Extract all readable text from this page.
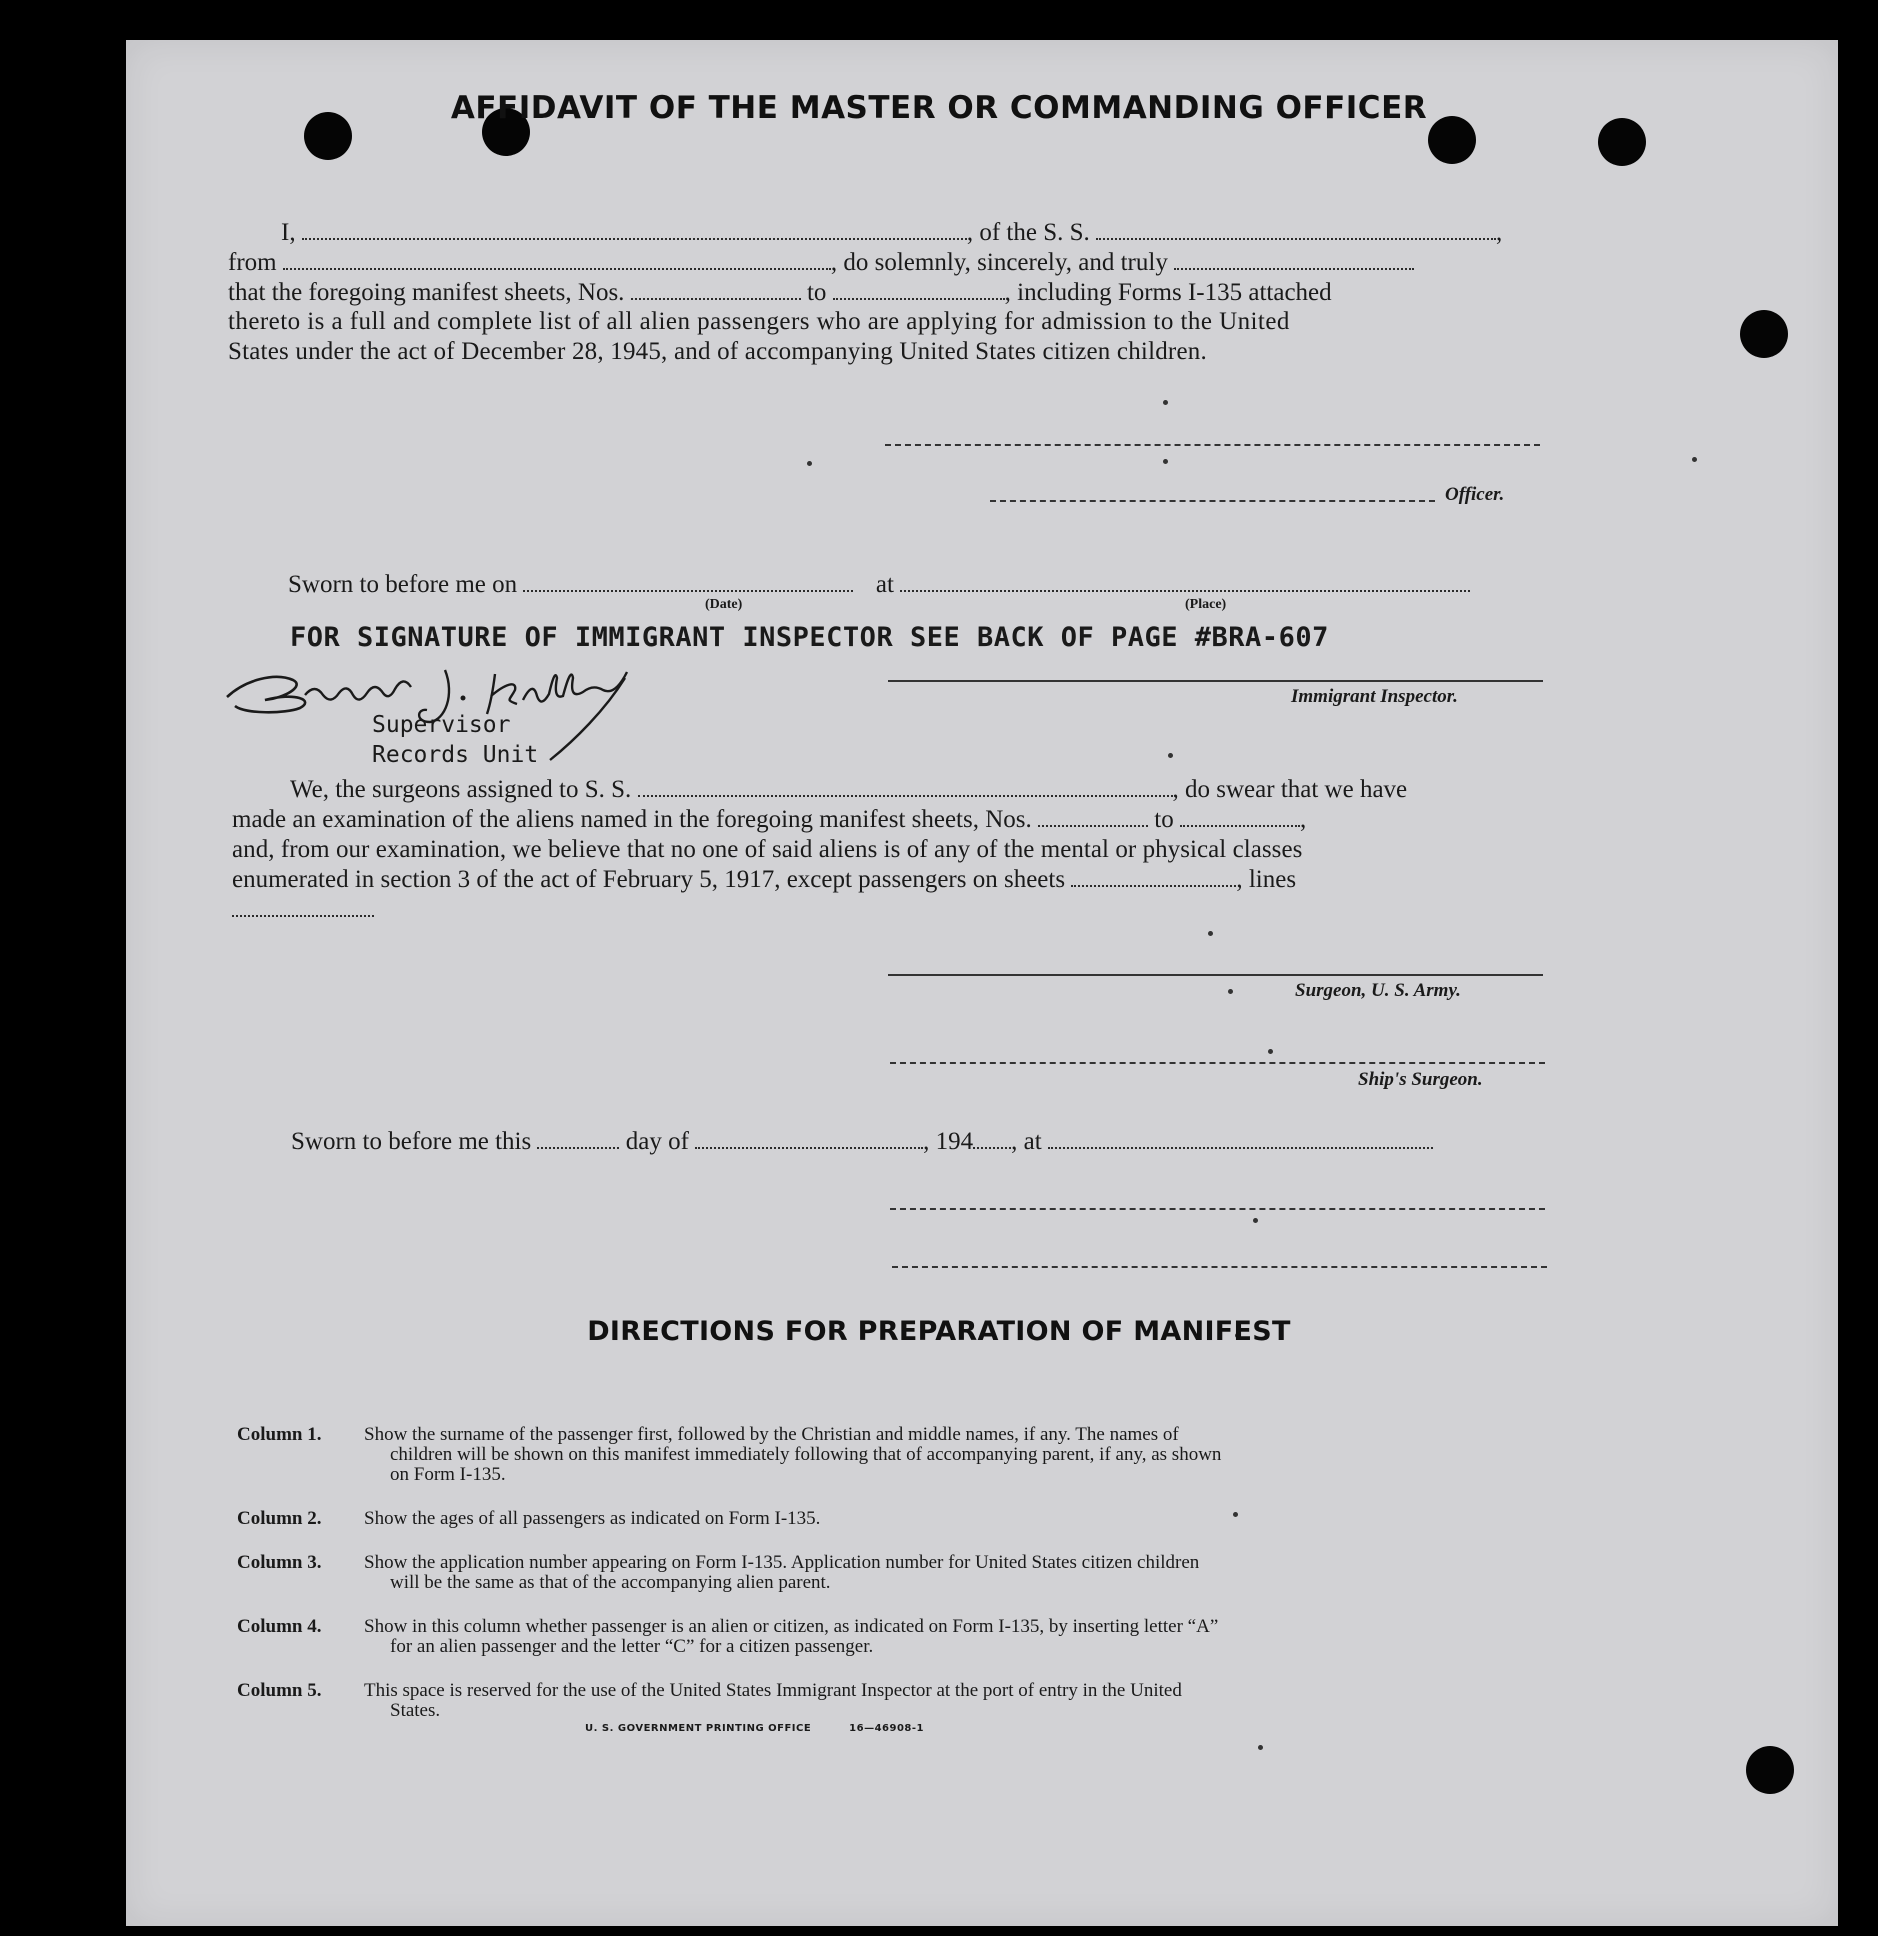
AFFIDAVIT OF THE MASTER OR COMMANDING OFFICER
I,	, of the S. S.	,
from	, do solemnly, sincerely, and truly
that the foregoing manifest sheets, Nos.	to	, including Forms I-135 attached
thereto is a full and complete list of all alien passengers who are applying for admission to the United
States under the act of December 28, 1945, and of accompanying United States citizen children.
Officer.
Sworn to before me on	at
(Date)	(Place)
FOR SIGNATURE OF IMMIGRANT INSPECTOR SEE BACK OF PAGE #BRA-607
Immigrant Inspector.
Supervisor
Records Unit
We, the surgeons assigned to S. S.	, do swear that we have
made an examination of the aliens named in the foregoing manifest sheets, Nos.	to	,
and, from our examination, we believe that no one of said aliens is of any of the mental or physical classes
enumerated in section 3 of the act of February 5, 1917, except passengers on sheets	, lines
Surgeon, U. S. Army.
Ship's Surgeon.
Sworn to before me this	day of	, 194 , at
DIRECTIONS FOR PREPARATION OF MANIFEST
Column 1.	Show the surname of the passenger first, followed by the Christian and middle names, if any. The names of
children will be shown on this manifest immediately following that of accompanying parent, if any, as shown
on Form I-135.
Column 2.	Show the ages of all passengers as indicated on Form I-135.
Column 3.	Show the application number appearing on Form I-135. Application number for United States citizen children
will be the same as that of the accompanying alien parent.
Column 4.	Show in this column whether passenger is an alien or citizen, as indicated on Form I-135, by inserting letter “A”
for an alien passenger and the letter “C” for a citizen passenger.
Column 5.	This space is reserved for the use of the United States Immigrant Inspector at the port of entry in the United
States.
U. S. GOVERNMENT PRINTING OFFICE	16—46908-1
